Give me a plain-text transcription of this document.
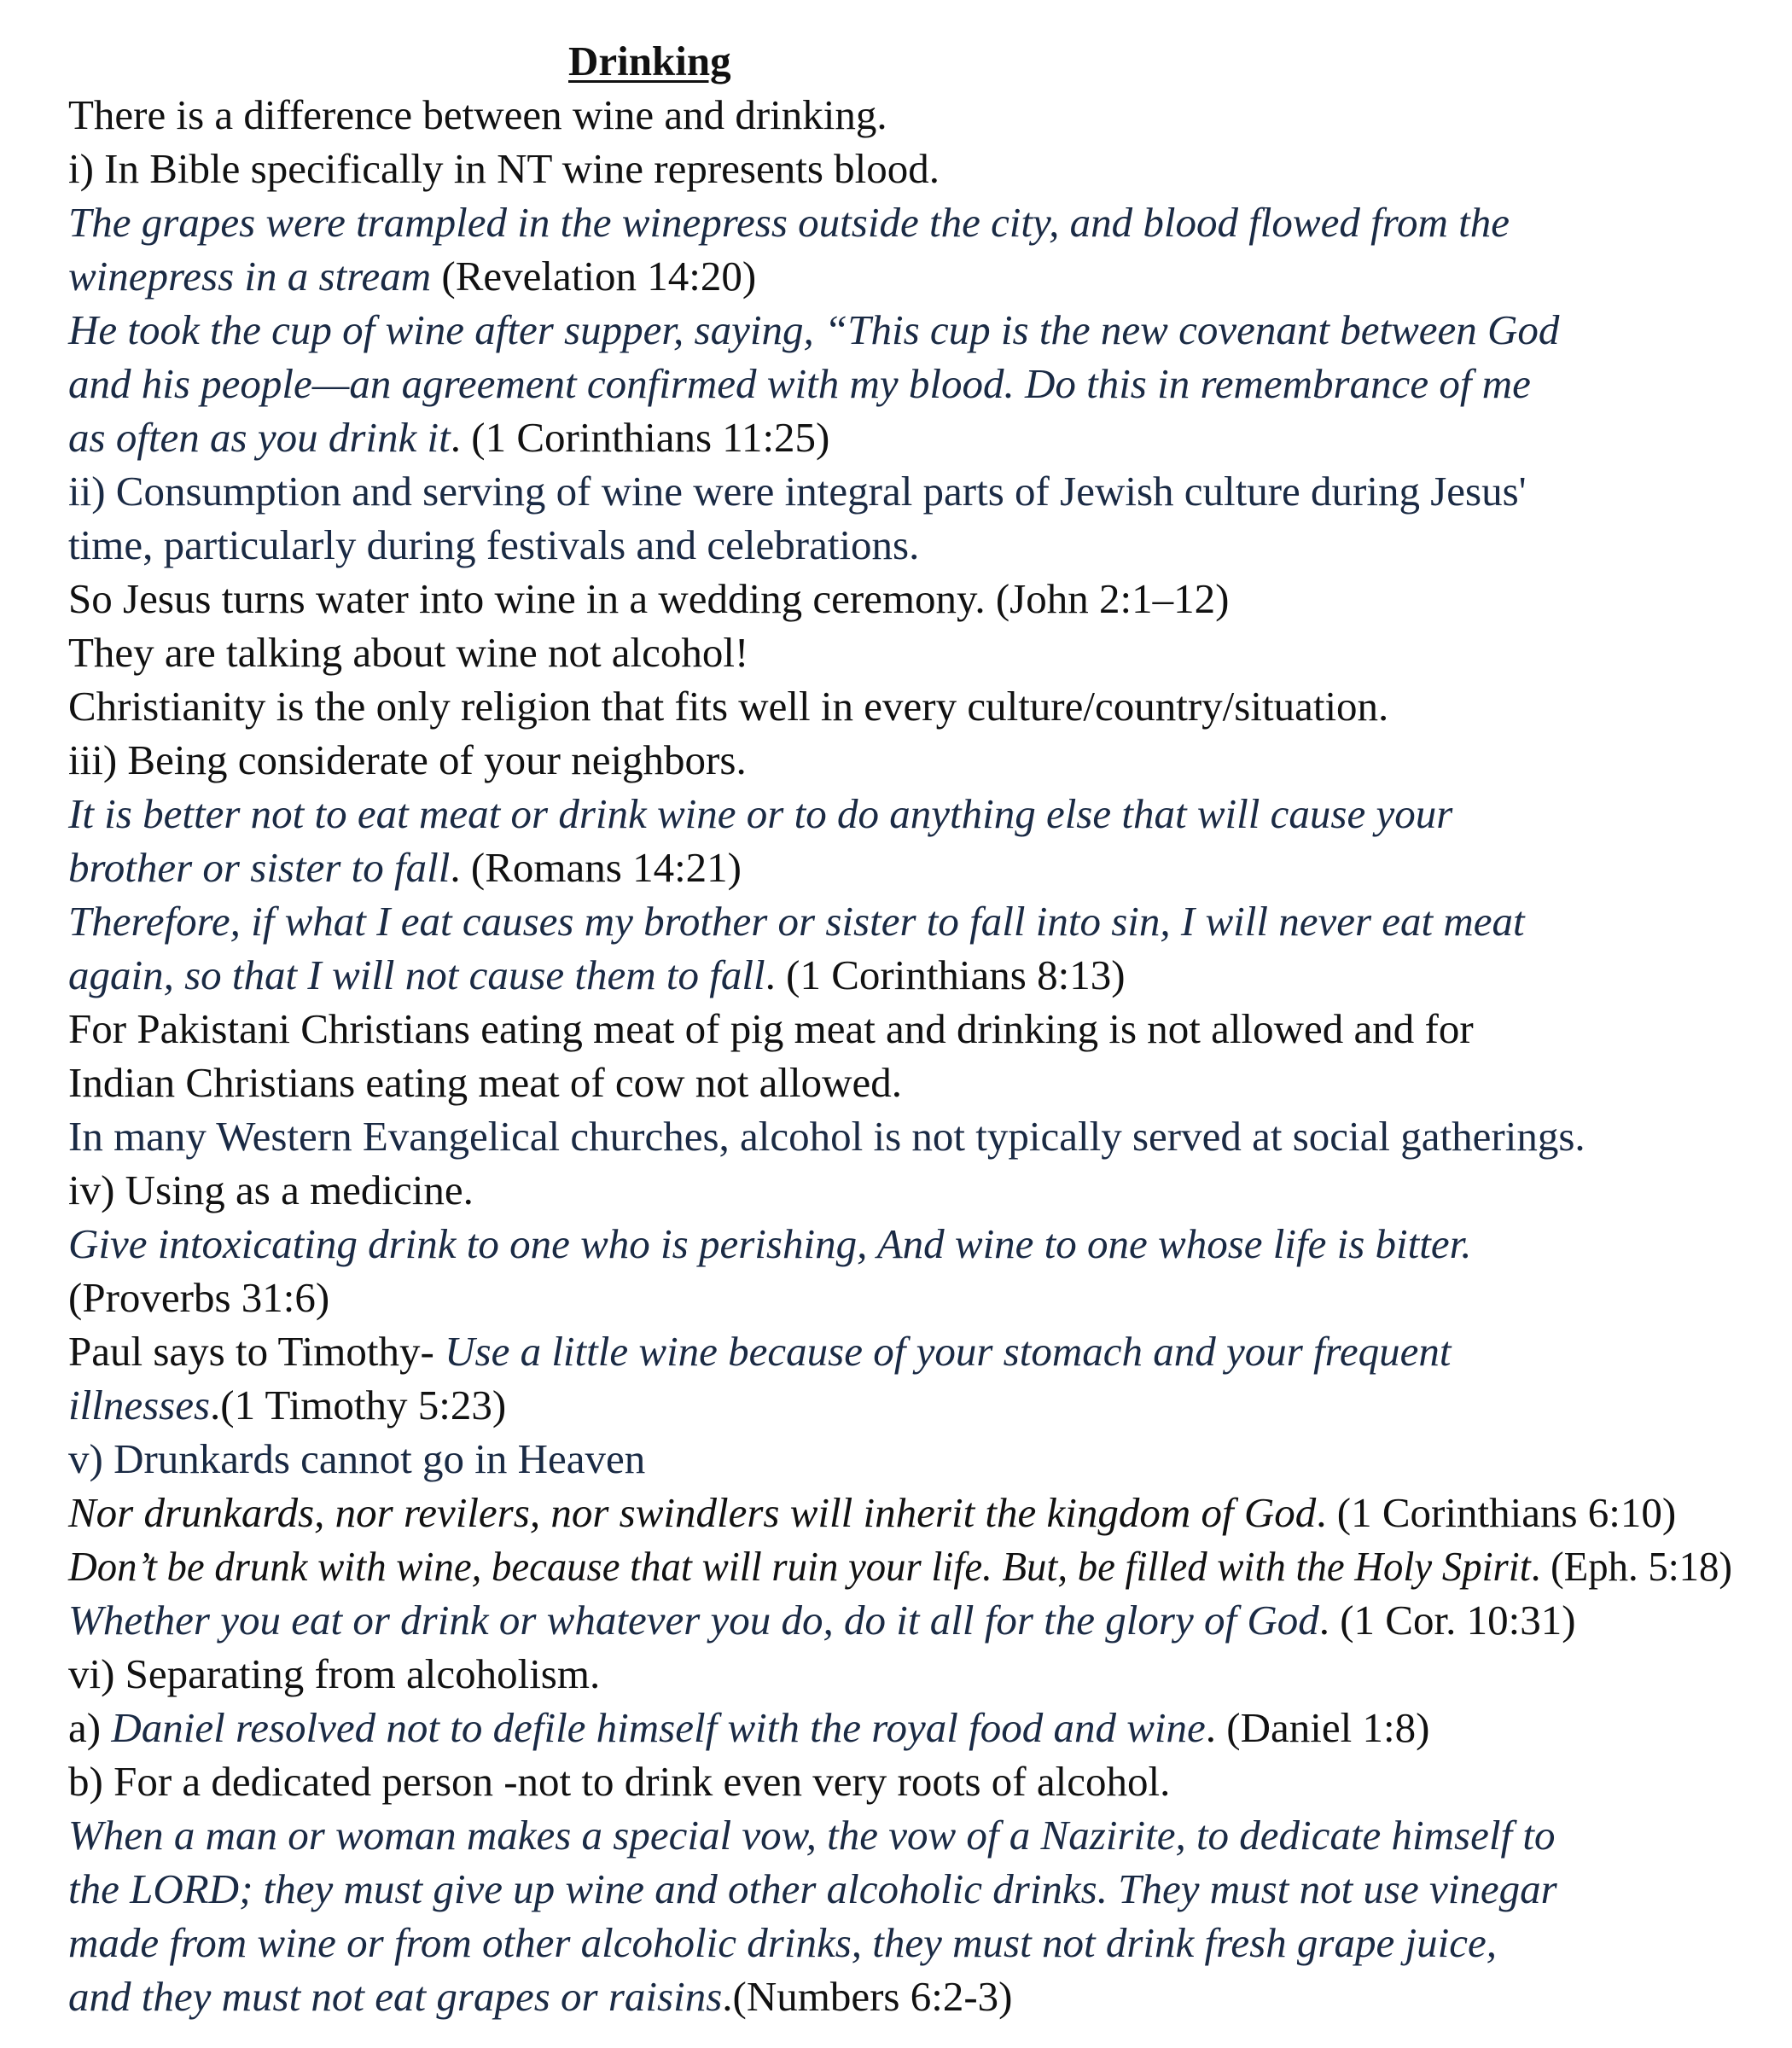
Drinking
There is a difference between wine and drinking.
i) In Bible specifically in NT wine represents blood.
The grapes were trampled in the winepress outside the city, and blood flowed from the
winepress in a stream (Revelation 14:20)
He took the cup of wine after supper, saying, “This cup is the new covenant between God
and his people—an agreement confirmed with my blood. Do this in remembrance of me
as often as you drink it. (1 Corinthians 11:25)
ii) Consumption and serving of wine were integral parts of Jewish culture during Jesus'
time, particularly during festivals and celebrations.
So Jesus turns water into wine in a wedding ceremony. (John 2:1–12)
They are talking about wine not alcohol!
Christianity is the only religion that fits well in every culture/country/situation.
iii) Being considerate of your neighbors.
It is better not to eat meat or drink wine or to do anything else that will cause your
brother or sister to fall. (Romans 14:21)
Therefore, if what I eat causes my brother or sister to fall into sin, I will never eat meat
again, so that I will not cause them to fall. (1 Corinthians 8:13)
For Pakistani Christians eating meat of pig meat and drinking is not allowed and for
Indian Christians eating meat of cow not allowed.
In many Western Evangelical churches, alcohol is not typically served at social gatherings.
iv) Using as a medicine.
Give intoxicating drink to one who is perishing, And wine to one whose life is bitter.
(Proverbs 31:6)
Paul says to Timothy- Use a little wine because of your stomach and your frequent
illnesses.(1 Timothy 5:23)
v) Drunkards cannot go in Heaven
Nor drunkards, nor revilers, nor swindlers will inherit the kingdom of God. (1 Corinthians 6:10)
Don’t be drunk with wine, because that will ruin your life. But, be filled with the Holy Spirit. (Eph. 5:18)
Whether you eat or drink or whatever you do, do it all for the glory of God. (1 Cor. 10:31)
vi) Separating from alcoholism.
a) Daniel resolved not to defile himself with the royal food and wine. (Daniel 1:8)
b) For a dedicated person -not to drink even very roots of alcohol.
When a man or woman makes a special vow, the vow of a Nazirite, to dedicate himself to
the LORD; they must give up wine and other alcoholic drinks. They must not use vinegar
made from wine or from other alcoholic drinks, they must not drink fresh grape juice,
and they must not eat grapes or raisins.(Numbers 6:2-3)
